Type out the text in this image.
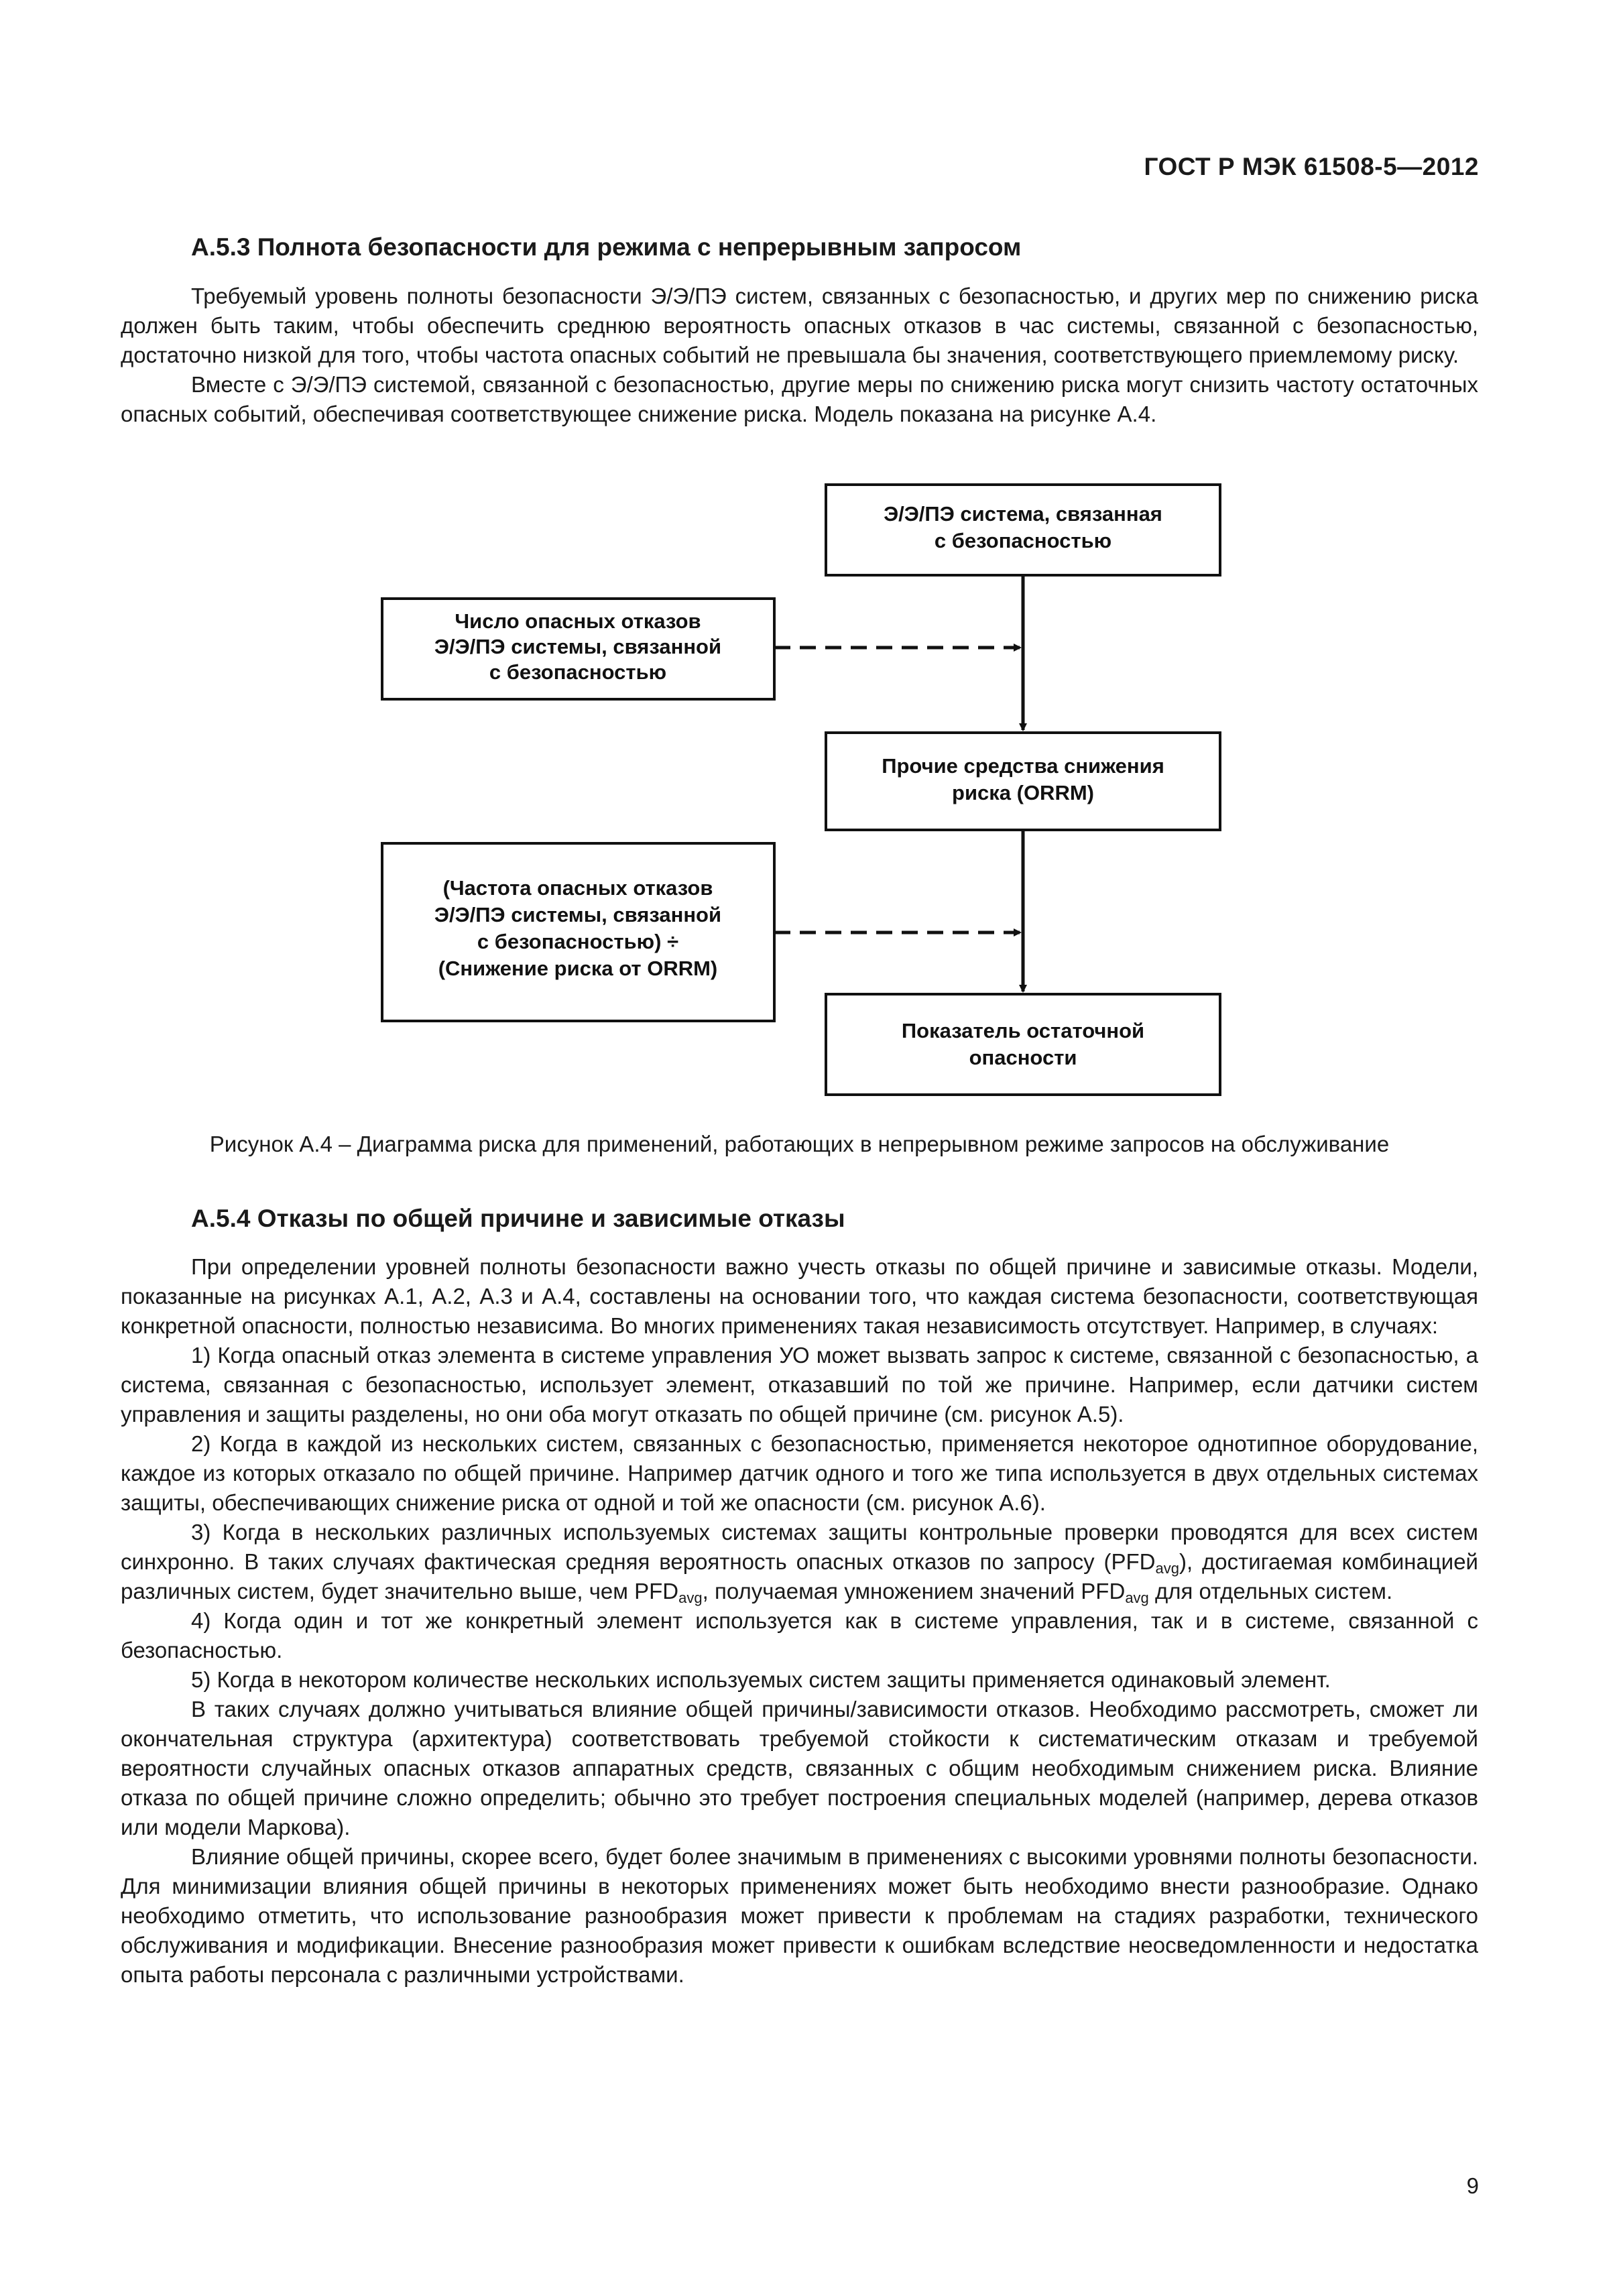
ГОСТ Р МЭК 61508-5—2012
А.5.3 Полнота безопасности для режима с непрерывным запросом

Требуемый уровень полноты безопасности Э/Э/ПЭ систем, связанных с безопасностью, и других мер по снижению риска должен быть таким, чтобы обеспечить среднюю вероятность опасных отказов в час системы, связанной с безопасностью, достаточно низкой для того, чтобы частота опасных событий не превышала бы значения, соответствующего приемлемому риску.

Вместе с Э/Э/ПЭ системой, связанной с безопасностью, другие меры по снижению риска могут снизить частоту остаточных опасных событий, обеспечивая соответствующее снижение риска. Модель показана на рисунке А.4.

Э/Э/ПЭ система, связанная
с безопасностью
Число опасных отказов
Э/Э/ПЭ системы, связанной
с безопасностью
Прочие средства снижения
риска (ORRM)
(Частота опасных отказов
Э/Э/ПЭ системы, связанной
с безопасностью) ÷
(Снижение риска от ORRM)
Показатель остаточной
опасности
Рисунок А.4 – Диаграмма риска для применений, работающих в непрерывном режиме запросов на обслуживание
А.5.4 Отказы по общей причине и зависимые отказы

При определении уровней полноты безопасности важно учесть отказы по общей причине и зависимые отказы. Модели, показанные на рисунках А.1, А.2, А.3 и А.4, составлены на основании того, что каждая система безопасности, соответствующая конкретной опасности, полностью независима. Во многих применениях такая независимость отсутствует. Например, в случаях:

1) Когда опасный отказ элемента в системе управления УО может вызвать запрос к системе, связанной с безопасностью, а система, связанная с безопасностью, использует элемент, отказавший по той же причине. Например, если датчики систем управления и защиты разделены, но они оба могут отказать по общей причине (см. рисунок А.5).

2) Когда в каждой из нескольких систем, связанных с безопасностью, применяется некоторое однотипное оборудование, каждое из которых отказало по общей причине. Например датчик одного и того же типа используется в двух отдельных системах защиты, обеспечивающих снижение риска от одной и той же опасности (см. рисунок А.6).

3) Когда в нескольких различных используемых системах защиты контрольные проверки проводятся для всех систем синхронно. В таких случаях фактическая средняя вероятность опасных отказов по запросу $(PFD_{avg})$, достигаемая комбинацией различных систем, будет значительно выше, чем $PFD_{avg}$, получаемая умножением значений $PFD_{avg}$ для отдельных систем.

4) Когда один и тот же конкретный элемент используется как в системе управления, так и в системе, связанной с безопасностью.

5) Когда в некотором количестве нескольких используемых систем защиты применяется одинаковый элемент.

В таких случаях должно учитываться влияние общей причины/зависимости отказов. Необходимо рассмотреть, сможет ли окончательная структура (архитектура) соответствовать требуемой стойкости к систематическим отказам и требуемой вероятности случайных опасных отказов аппаратных средств, связанных с общим необходимым снижением риска. Влияние отказа по общей причине сложно определить; обычно это требует построения специальных моделей (например, дерева отказов или модели Маркова).

Влияние общей причины, скорее всего, будет более значимым в применениях с высокими уровнями полноты безопасности. Для минимизации влияния общей причины в некоторых применениях может быть необходимо внести разнообразие. Однако необходимо отметить, что использование разнообразия может привести к проблемам на стадиях разработки, технического обслуживания и модификации. Внесение разнообразия может привести к ошибкам вследствие неосведомленности и недостатка опыта работы персонала с различными устройствами.

9
